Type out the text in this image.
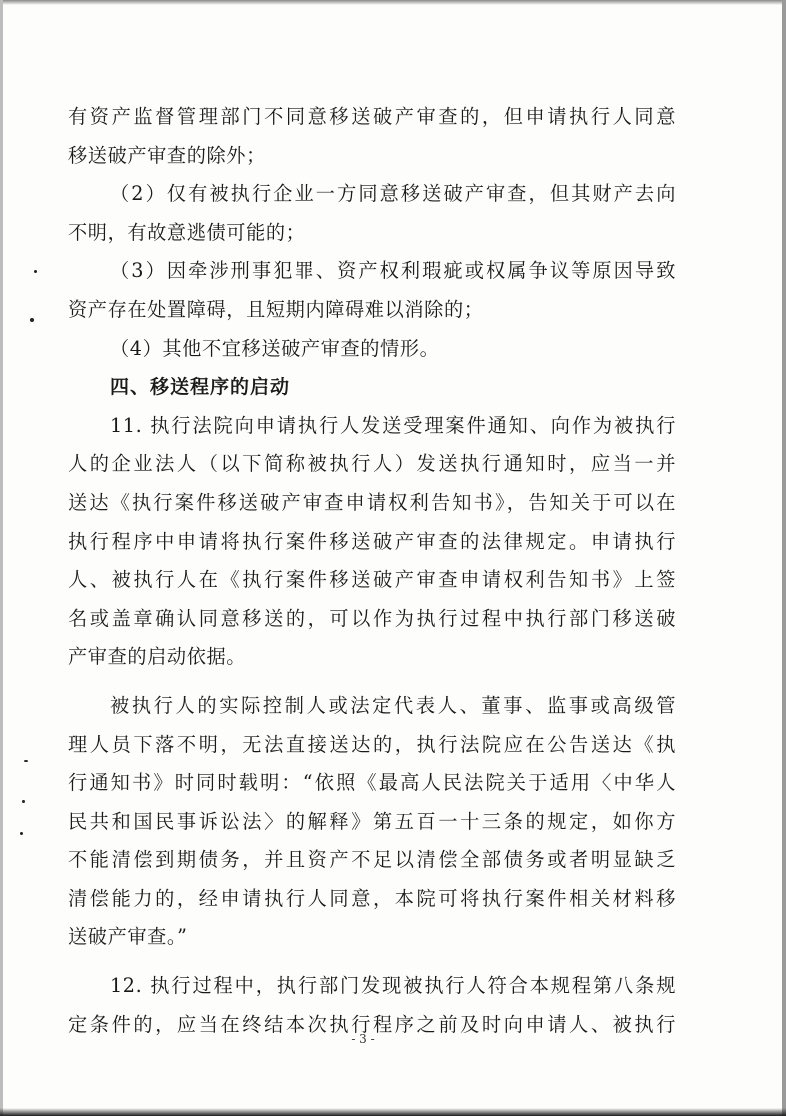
有资产监督管理部门不同意移送破产审查的，但申请执行人同意
移送破产审查的除外；
（2）仅有被执行企业一方同意移送破产审查，但其财产去向
不明，有故意逃债可能的；
（3）因牵涉刑事犯罪、资产权利瑕疵或权属争议等原因导致
资产存在处置障碍，且短期内障碍难以消除的；
（4）其他不宜移送破产审查的情形。
四、移送程序的启动
11. 执行法院向申请执行人发送受理案件通知、向作为被执行
人的企业法人（以下简称被执行人）发送执行通知时，应当一并
送达《执行案件移送破产审查申请权利告知书》，告知关于可以在
执行程序中申请将执行案件移送破产审查的法律规定。申请执行
人、被执行人在《执行案件移送破产审查申请权利告知书》上签
名或盖章确认同意移送的，可以作为执行过程中执行部门移送破
产审查的启动依据。
被执行人的实际控制人或法定代表人、董事、监事或高级管
理人员下落不明，无法直接送达的，执行法院应在公告送达《执
行通知书》时同时载明：“依照《最高人民法院关于适用〈中华人
民共和国民事诉讼法〉的解释》第五百一十三条的规定，如你方
不能清偿到期债务，并且资产不足以清偿全部债务或者明显缺乏
清偿能力的，经申请执行人同意，本院可将执行案件相关材料移
送破产审查。”
12. 执行过程中，执行部门发现被执行人符合本规程第八条规
定条件的，应当在终结本次执行程序之前及时向申请人、被执行
- 3 -
